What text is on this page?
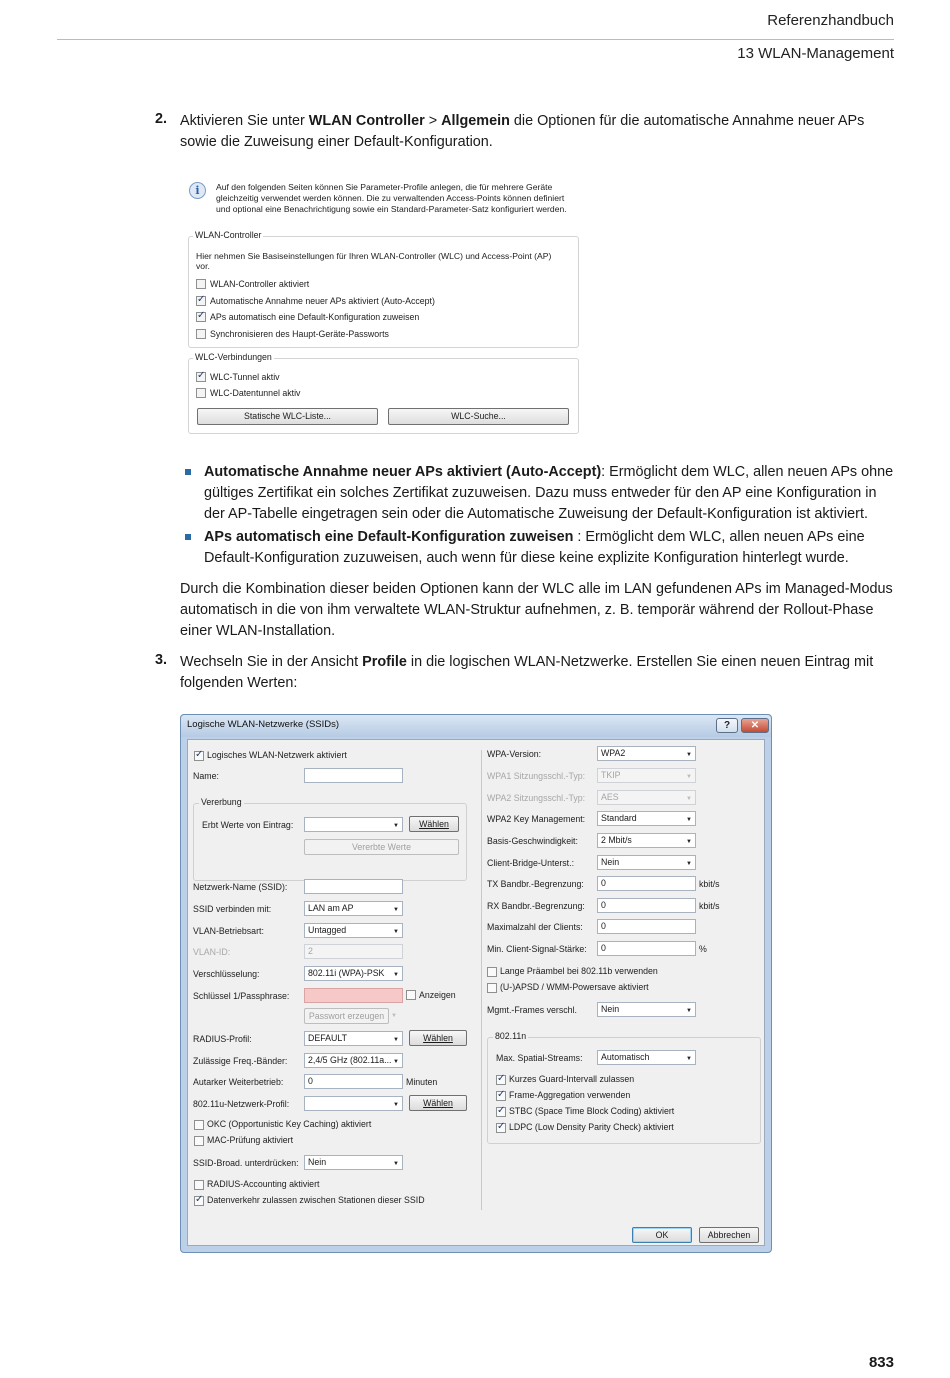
Referenzhandbuch
13 WLAN-Management
2. Aktivieren Sie unter WLAN Controller > Allgemein die Optionen für die automatische Annahme neuer APs sowie die Zuweisung einer Default-Konfiguration.
i	Auf den folgenden Seiten können Sie Parameter-Profile anlegen, die für mehrere Geräte
gleichzeitig verwendet werden können. Die zu verwaltenden Access-Points können definiert
und optional eine Benachrichtigung sowie ein Standard-Parameter-Satz konfiguriert werden.
WLAN-Controller
Hier nehmen Sie Basiseinstellungen für Ihren WLAN-Controller (WLC) und Access-Point (AP) vor.
WLAN-Controller aktiviert
✓
Automatische Annahme neuer APs aktiviert (Auto-Accept)
✓
APs automatisch eine Default-Konfiguration zuweisen
Synchronisieren des Haupt-Geräte-Passworts
WLC-Verbindungen
✓
WLC-Tunnel aktiv
WLC-Datentunnel aktiv
Statische WLC-Liste...	WLC-Suche...
Automatische Annahme neuer APs aktiviert (Auto-Accept): Ermöglicht dem WLC, allen neuen APs ohne gültiges Zertifikat ein solches Zertifikat zuzuweisen. Dazu muss entweder für den AP eine Konfiguration in der AP-Tabelle eingetragen sein oder die Automatische Zuweisung der Default-Konfiguration ist aktiviert.
APs automatisch eine Default-Konfiguration zuweisen : Ermöglicht dem WLC, allen neuen APs eine Default-Konfiguration zuzuweisen, auch wenn für diese keine explizite Konfiguration hinterlegt wurde.
Durch die Kombination dieser beiden Optionen kann der WLC alle im LAN gefundenen APs im Managed-Modus automatisch in die von ihm verwaltete WLAN-Struktur aufnehmen, z. B. temporär während der Rollout-Phase einer WLAN-Installation.
3. Wechseln Sie in der Ansicht Profile in die logischen WLAN-Netzwerke. Erstellen Sie einen neuen Eintrag mit folgenden Werten:
Logische WLAN-Netzwerke (SSIDs)	?	✕
✓
Logisches WLAN-Netzwerk aktiviert
Name:
Vererbung
Erbt Werte von Eintrag: ▼	Wählen
Vererbte Werte
Netzwerk-Name (SSID):
SSID verbinden mit:	LAN am AP ▼
VLAN-Betriebsart:	Untagged ▼
VLAN-ID:	2
Verschlüsselung:	802.11i (WPA)-PSK ▼
Schlüssel 1/Passphrase:	Anzeigen
Passwort erzeugen
RADIUS-Profil:	DEFAULT ▼	Wählen
Zulässige Freq.-Bänder:	2,4/5 GHz (802.11a... ▼
Autarker Weiterbetrieb:	0	Minuten
802.11u-Netzwerk-Profil: ▼	Wählen
OKC (Opportunistic Key Caching) aktiviert
MAC-Prüfung aktiviert
SSID-Broad. unterdrücken:	Nein ▼
RADIUS-Accounting aktiviert
✓
Datenverkehr zulassen zwischen Stationen dieser SSID
WPA-Version:	WPA2 ▼
WPA1 Sitzungsschl.-Typ:	TKIP ▼
WPA2 Sitzungsschl.-Typ:	AES ▼
WPA2 Key Management:	Standard ▼
Basis-Geschwindigkeit:	2 Mbit/s ▼
Client-Bridge-Unterst.:	Nein ▼
TX Bandbr.-Begrenzung:	0	kbit/s
RX Bandbr.-Begrenzung:	0	kbit/s
Maximalzahl der Clients:	0
Min. Client-Signal-Stärke:	0	%
Lange Präambel bei 802.11b verwenden
(U-)APSD / WMM-Powersave aktiviert
Mgmt.-Frames verschl.	Nein ▼
802.11n
Max. Spatial-Streams:	Automatisch ▼
✓
Kurzes Guard-Intervall zulassen
✓
Frame-Aggregation verwenden
✓
STBC (Space Time Block Coding) aktiviert
✓
LDPC (Low Density Parity Check) aktiviert
OK	Abbrechen
833
